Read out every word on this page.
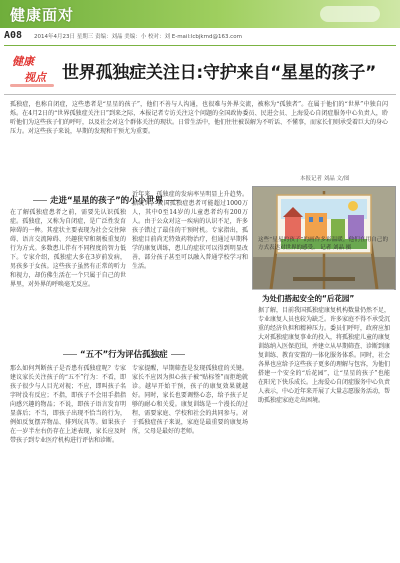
健康面对
A08 2014年4月23日 星期三 责编：刘晶 美编：小 校对：刘 E-mail:lcbjkmd@163.com
健康
视点 世界孤独症关注日:守护来自“星星的孩子”
孤独症，也称自闭症，这些患者是“星星的孩子”，他们不善与人沟通，也很难与外界交流，被称为“孤独者”。在属于他们的“世界”中独自闪烁。在4月2日的“世界孤独症关注日”到来之际，本报记者专访关注这个问题的全国政协委员、民进会员、上海爱心自闭症服务中心负责人，聆听他们为这些孩子们的呼吁，以及社会对这个群体关注的现状。日常生活中，他们往往被误解为不听话、不懂事，而家长们则承受着巨大的身心压力。对这些孩子来说，早期的发现和干预尤为重要。
本报记者 刘晶 文/图
走进“星星的孩子”的小小世界
在了解孤独症患者之前，需要先认识孤独症。孤独症，又称为自闭症，是广泛性发育障碍的一种。其症状主要表现为社会交往障碍、语言交流障碍、兴趣狭窄和刻板重复的行为方式。多数患儿伴有不同程度的智力低下。专家介绍，孤独症大多在3岁前发病，男孩多于女孩。这些孩子虽然有正常的听力和视力，却仿佛生活在一个只属于自己的世界里，对外界的呼唤毫无反应。
近年来，孤独症的发病率呈明显上升趋势。据统计，我国孤独症患者可能超过1000万人，其中0至14岁的儿童患者约有200万人。由于公众对这一疾病的认识不足，许多孩子错过了最佳的干预时机。专家指出，孤独症目前尚无特效药物治疗，但通过早期科学的康复训练，患儿的症状可以得到明显改善，部分孩子甚至可以融入普通学校学习和生活。
这些“星星的孩子”的画作多彩温暖，他们在用自己的方式表达对世界的感受。 记者 刘晶 摄
为处们搭起安全的“后花园”
“五不”行为评估孤独症
那么如何判断孩子是否患有孤独症呢？专家建议家长关注孩子的“五不”行为：不看，即孩子很少与人目光对视；不应，即叫孩子名字时没有反应；不指，即孩子不会用手指指向感兴趣的物品；不说，即孩子语言发育明显落后；不当，即孩子出现不恰当的行为，例如反复摆弄物品、排列玩具等。如果孩子在一岁半左右仍存在上述表现，家长应及时带孩子到专业医疗机构进行评估和诊断。
专家提醒，早期筛查是发现孤独症的关键。家长不应因为担心孩子被“贴标签”而拒绝就诊。越早开始干预，孩子的康复效果就越好。同时，家长也要调整心态，给予孩子足够的耐心和关爱。康复训练是一个漫长的过程，需要家庭、学校和社会的共同参与。对于孤独症孩子来说，家庭是最重要的康复场所，父母是最好的老师。
据了解，目前我国孤独症康复机构数量仍然不足，专业康复人员也较为缺乏。许多家庭不得不承受沉重的经济负担和精神压力。委员们呼吁，政府应加大对孤独症康复事业的投入，将孤独症儿童的康复训练纳入医保范围，并建立从早期筛查、诊断到康复训练、教育安置的一体化服务体系。同时，社会各界也应给予这些孩子更多的理解与包容，为他们搭建一个安全的“后花园”，让“星星的孩子”也能在阳光下快乐成长。上海爱心自闭症服务中心负责人表示，中心近年来开展了大量志愿服务活动，帮助孤独症家庭走出困境。
